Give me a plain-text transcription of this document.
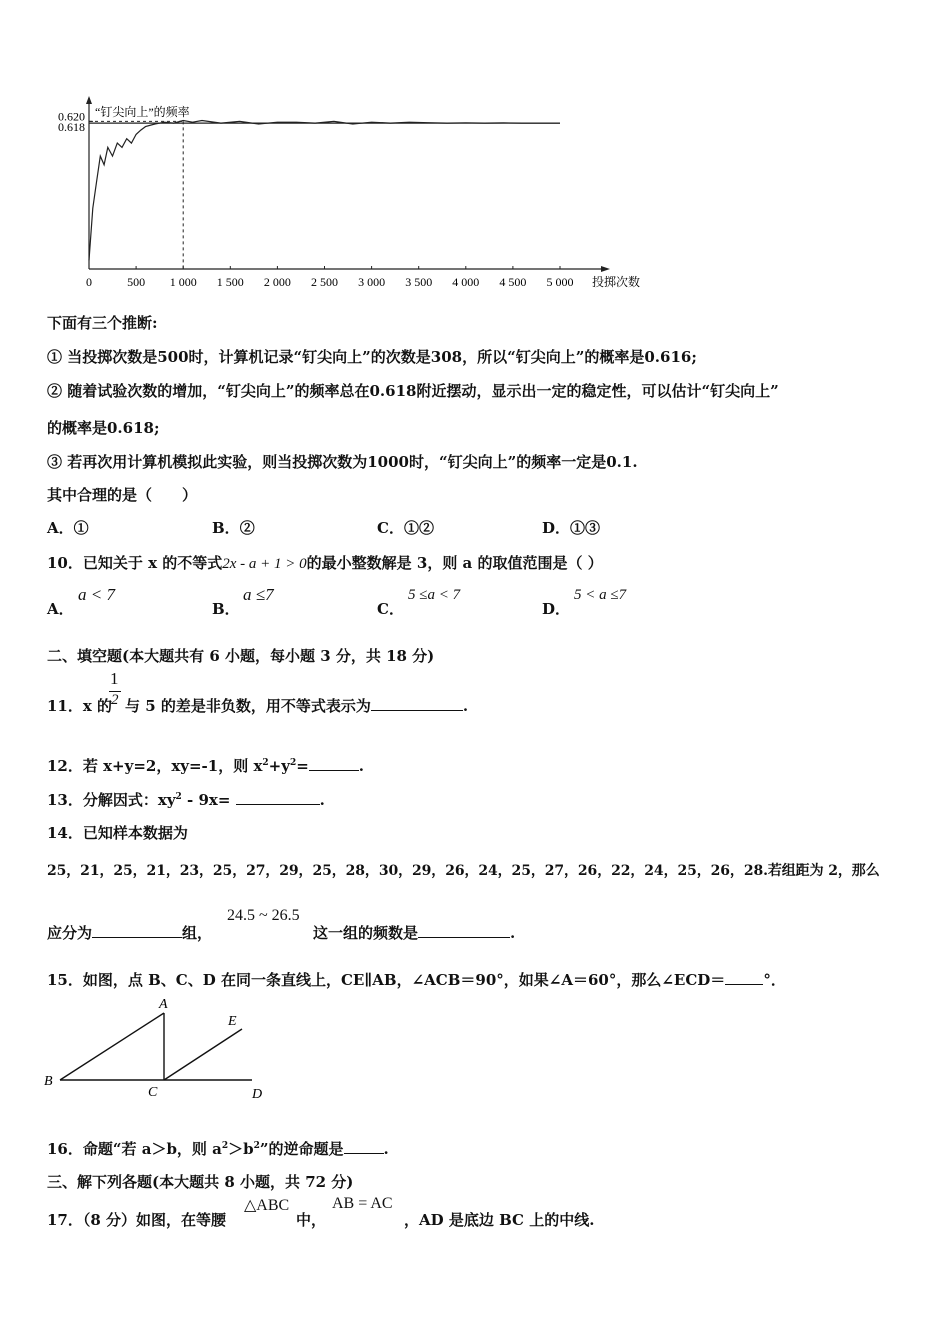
“钉尖向上”的频率
投掷次数
0	500 1 000 1 500 2 000 2 500 3 000 3 500 4 000 4 500 5 000
0.620
0.618
下面有三个推断:
① 当投掷次数是500时，计算机记录“钉尖向上”的次数是308，所以“钉尖向上”的概率是0.616;
② 随着试验次数的增加，“钉尖向上”的频率总在0.618附近摆动，显示出一定的稳定性，可以估计“钉尖向上”
的概率是0.618;
③ 若再次用计算机模拟此实验，则当投掷次数为1000时，“钉尖向上”的频率一定是0.1.
其中合理的是（　　）
A．①	B．②	C．①②	D．①③
10．已知关于 x 的不等式2x - a + 1 > 0的最小整数解是 3，则 a 的取值范围是（ ）
A．
a < 7
B．
a ≤7
C．
5 ≤a < 7
D．
5 < a ≤7
二、填空题(本大题共有 6 小题，每小题 3 分，共 18 分)
11．x 的
1
2 与 5 的差是非负数，用不等式表示为	.
12．若 x+y=2，xy=-1，则 $x^2+y^2=$	.
13．分解因式：$xy^2 - 9x=$	.
14．已知样本数据为
25，21，25，21，23，25，27，29，25，28，30，29，26，24，25，27，26，22，24，25，26，28.若组距为 2，那么
应分为	组，
24.5 ~ 26.5
这一组的频数是	.
15．如图，点 B、C、D 在同一条直线上，CE∥AB，∠ACB＝90°，如果∠A＝60°，那么∠ECD＝	°．
A
B
C	D
E
16．命题“若 a＞b，则 $a^2>b^2$”的逆命题是	.
三、解下列各题(本大题共 8 小题，共 72 分)
17．（8 分）如图，在等腰
△ABC
中，
AB = AC
，AD 是底边 BC 上的中线.
